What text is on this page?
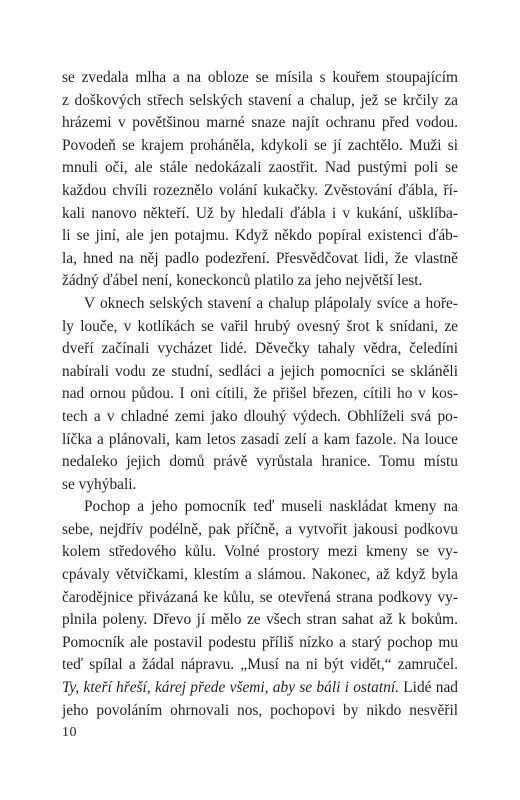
se zvedala mlha a na obloze se mísila s kouřem stoupajícím
z doškových střech selských stavení a chalup, jež se krčily za
hrázemi v povětšinou marné snaze najít ochranu před vodou.
Povodeň se krajem proháněla, kdykoli se jí zachtělo. Muži si
mnuli oči, ale stále nedokázali zaostřit. Nad pustými poli se
každou chvíli rozeznělo volání kukačky. Zvěstování ďábla, ří-
kali nanovo někteří. Už by hledali ďábla i v kukání, ušklíba-
li se jiní, ale jen potajmu. Když někdo popíral existenci ďáb-
la, hned na něj padlo podezření. Přesvědčovat lidi, že vlastně
žádný ďábel není, koneckonců platilo za jeho největší lest.
V oknech selských stavení a chalup plápolaly svíce a hoře-
ly louče, v kotlíkách se vařil hrubý ovesný šrot k snídani, ze
dveří začínali vycházet lidé. Děvečky tahaly vědra, čeledíni
nabírali vodu ze studní, sedláci a jejich pomocníci se skláněli
nad ornou půdou. I oni cítili, že přišel březen, cítili ho v kos-
tech a v chladné zemi jako dlouhý výdech. Obhlíželi svá po-
líčka a plánovali, kam letos zasadí zelí a kam fazole. Na louce
nedaleko jejich domů právě vyrůstala hranice. Tomu místu
se vyhýbali.
Pochop a jeho pomocník teď museli naskládat kmeny na
sebe, nejdřív podélně, pak příčně, a vytvořit jakousi podkovu
kolem středového kůlu. Volné prostory mezi kmeny se vy-
cpávaly větvičkami, klestím a slámou. Nakonec, až když byla
čarodějnice přivázaná ke kůlu, se otevřená strana podkovy vy-
plnila poleny. Dřevo jí mělo ze všech stran sahat až k bokům.
Pomocník ale postavil podestu příliš nízko a starý pochop mu
teď spílal a žádal nápravu. „Musí na ni být vidět,“ zamručel.
Ty, kteří hřeší, kárej přede všemi, aby se báli i ostatní. Lidé nad
jeho povoláním ohrnovali nos, pochopovi by nikdo nesvěřil
10
